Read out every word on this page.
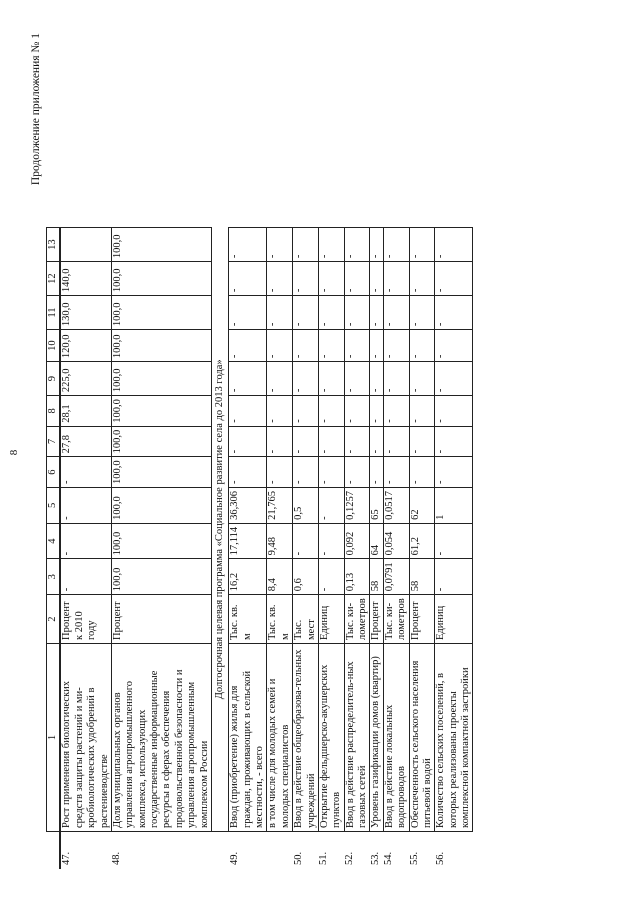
8
Продолжение приложения № 1
	1	2	3	4	5	6	7	8	9	10	11	12	13
47.	Рост применения биологических средств защиты растений и ми-кробиологических удобрений в растениеводстве	Процент к 2010 году	-	-	-	-	27,8	28,1	225,0	120,0	130,0	140,0	
48.	Доля муниципальных органов управления агропромышленного комплекса, использующих государственные информационные ресурсы в сферах обеспечения продовольственной безопасности и управления агропромышленным комплексом России	Процент	100,0	100,0	100,0	100,0	100,0	100,0	100,0	100,0	100,0	100,0	100,0
	Долгосрочная целевая программа «Социальное развитие села до 2013 года»												
49.	Ввод (приобретение) жилья для граждан, проживающих в сельской местности, - всего	Тыс. кв. м	16,2	17,114	36,306	-	-	-	-	-	-	-	-
	в том числе для молодых семей и молодых специалистов	Тыс. кв. м	8,4	9,48	21,765	-	-	-	-	-	-	-	-
50.	Ввод в действие общеобразова-тельных учреждений	Тыс. мест	0,6	-	0,5	-	-	-	-	-	-	-	-
51.	Открытие фельдшерско-акушерских пунктов	Единиц	-	-	-	-	-	-	-	-	-	-	-
52.	Ввод в действие распределитель-ных газовых сетей	Тыс. ки-лометров	0,13	0,092	0,1257	-	-	-	-	-	-	-	-
53.	Уровень газификации домов (квартир)	Процент	58	64	65	-	-	-	-	-	-	-	-
54.	Ввод в действие локальных водопроводов	Тыс. ки-лометров	0,0791	0,054	0,0517	-	-	-	-	-	-	-	-
55.	Обеспеченность сельского населения питьевой водой	Процент	58	61,2	62	-	-	-	-	-	-	-	-
56.	Количество сельских поселений, в которых реализованы проекты комплексной компактной застройки	Единиц	-	-	1	-	-	-	-	-	-	-	-
